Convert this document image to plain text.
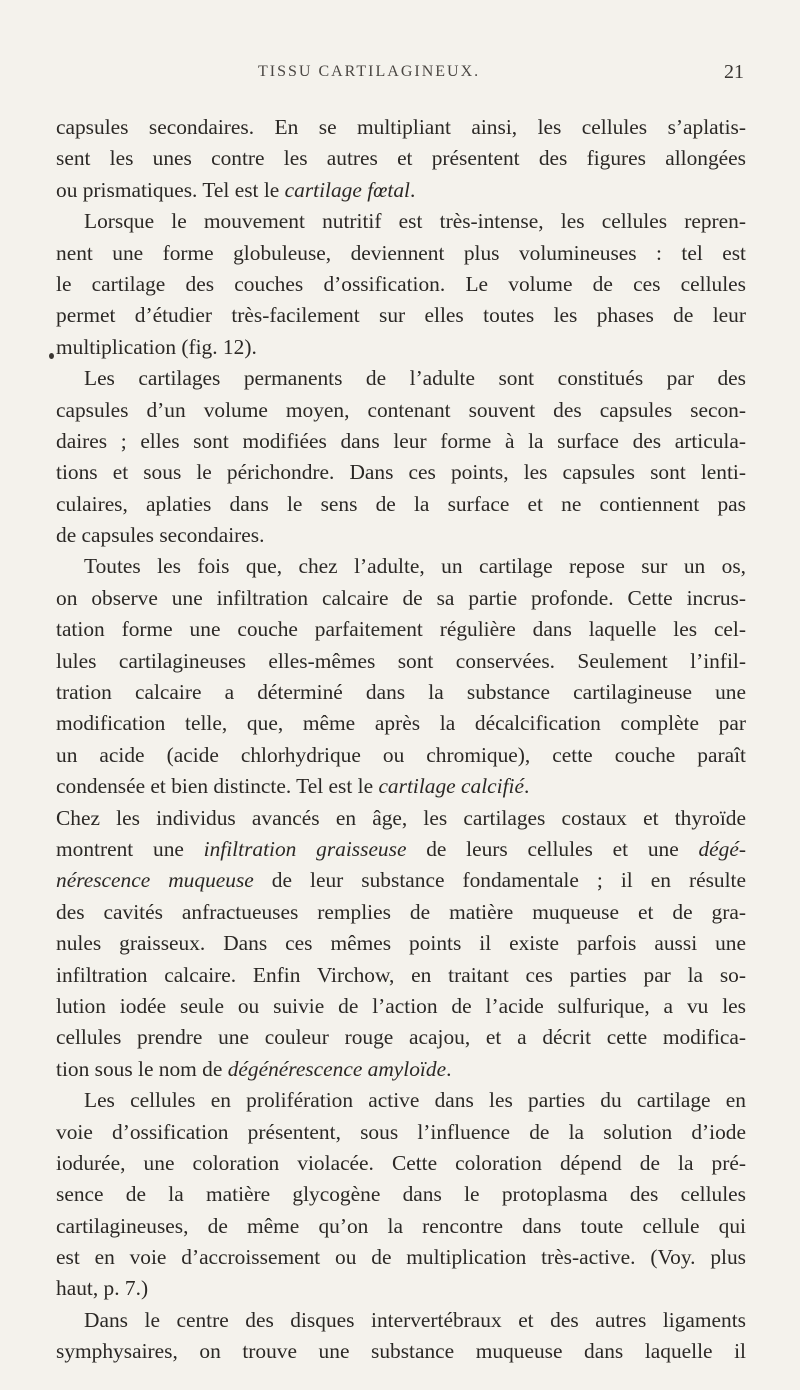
TISSU CARTILAGINEUX.	21
capsules secondaires. En se multipliant ainsi, les cellules s’aplatis-
sent les unes contre les autres et présentent des figures allongées
ou prismatiques. Tel est le cartilage fœtal.
Lorsque le mouvement nutritif est très-intense, les cellules repren-
nent une forme globuleuse, deviennent plus volumineuses : tel est
le cartilage des couches d’ossification. Le volume de ces cellules
permet d’étudier très-facilement sur elles toutes les phases de leur
multiplication (fig. 12).
Les cartilages permanents de l’adulte sont constitués par des
capsules d’un volume moyen, contenant souvent des capsules secon-
daires ; elles sont modifiées dans leur forme à la surface des articula-
tions et sous le périchondre. Dans ces points, les capsules sont lenti-
culaires, aplaties dans le sens de la surface et ne contiennent pas
de capsules secondaires.
Toutes les fois que, chez l’adulte, un cartilage repose sur un os,
on observe une infiltration calcaire de sa partie profonde. Cette incrus-
tation forme une couche parfaitement régulière dans laquelle les cel-
lules cartilagineuses elles-mêmes sont conservées. Seulement l’infil-
tration calcaire a déterminé dans la substance cartilagineuse une
modification telle, que, même après la décalcification complète par
un acide (acide chlorhydrique ou chromique), cette couche paraît
condensée et bien distincte. Tel est le cartilage calcifié.
Chez les individus avancés en âge, les cartilages costaux et thyroïde
montrent une infiltration graisseuse de leurs cellules et une dégé-
nérescence muqueuse de leur substance fondamentale ; il en résulte
des cavités anfractueuses remplies de matière muqueuse et de gra-
nules graisseux. Dans ces mêmes points il existe parfois aussi une
infiltration calcaire. Enfin Virchow, en traitant ces parties par la so-
lution iodée seule ou suivie de l’action de l’acide sulfurique, a vu les
cellules prendre une couleur rouge acajou, et a décrit cette modifica-
tion sous le nom de dégénérescence amyloïde.
Les cellules en prolifération active dans les parties du cartilage en
voie d’ossification présentent, sous l’influence de la solution d’iode
iodurée, une coloration violacée. Cette coloration dépend de la pré-
sence de la matière glycogène dans le protoplasma des cellules
cartilagineuses, de même qu’on la rencontre dans toute cellule qui
est en voie d’accroissement ou de multiplication très-active. (Voy. plus
haut, p. 7.)
Dans le centre des disques intervertébraux et des autres ligaments
symphysaires, on trouve une substance muqueuse dans laquelle il
